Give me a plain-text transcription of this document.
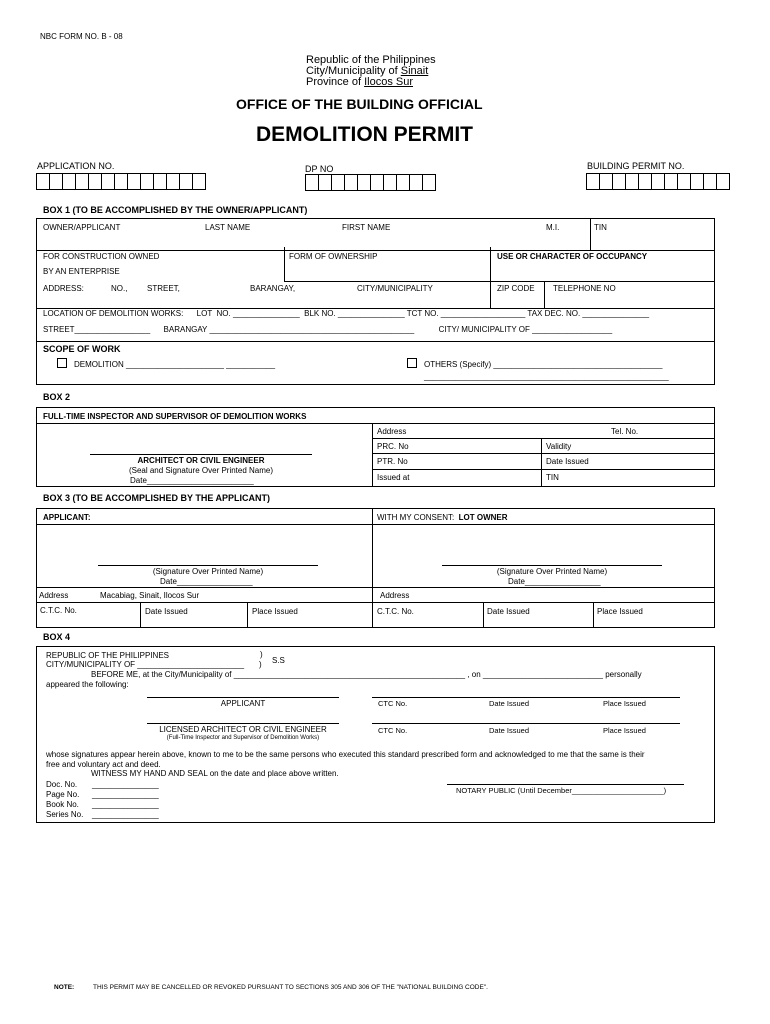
NBC FORM NO. B - 08
Republic of the Philippines
City/Municipality of Sinait
Province of Ilocos Sur
OFFICE OF THE BUILDING OFFICIAL
DEMOLITION PERMIT
APPLICATION NO.	DP NO	BUILDING PERMIT NO.
BOX 1 (TO BE ACCOMPLISHED BY THE OWNER/APPLICANT)
OWNER/APPLICANT	LAST NAME	FIRST NAME	M.I.	TIN
FOR CONSTRUCTION OWNED
BY AN ENTERPRISE
FORM OF OWNERSHIP	USE OR CHARACTER OF OCCUPANCY
ADDRESS:	NO., STREET,	BARANGAY,	CITY/MUNICIPALITY	ZIP CODE TELEPHONE NO
LOCATION OF DEMOLITION WORKS:      LOT  NO. _______________  BLK NO. _______________ TCT NO. ___________________ TAX DEC. NO. _______________
STREET_________________      BARANGAY ______________________________________________           CITY/ MUNICIPALITY OF __________________
SCOPE OF WORK
DEMOLITION ______________________ ___________	OTHERS (Specify) ______________________________________
_______________________________________________________
BOX 2
FULL-TIME INSPECTOR AND SUPERVISOR OF DEMOLITION WORKS
Address	Tel. No.
PRC. No	Validity
PTR. No	Date Issued
Issued at	TIN
ARCHITECT OR CIVIL ENGINEER
(Seal and Signature Over Printed Name)
Date________________________
BOX 3 (TO BE ACCOMPLISHED BY THE APPLICANT)
APPLICANT:	WITH MY CONSENT: LOT OWNER
(Signature Over Printed Name)
Date_________________
(Signature Over Printed Name)
Date_________________
Address	Macabiag, Sinait, Ilocos Sur	Address
C.T.C. No.	Date Issued	Place Issued	C.T.C. No.	Date Issued	Place Issued
BOX 4
REPUBLIC OF THE PHILIPPINES	)
CITY/MUNICIPALITY OF ________________________ ) S.S
BEFORE ME, at the City/Municipality of ____________________________________________________ , on ___________________________ personally
appeared the following:
APPLICANT	CTC No.	Date Issued	Place Issued
LICENSED ARCHITECT OR CIVIL ENGINEER
(Full-Time Inspector and Supervisor of Demolition Works)
CTC No.	Date Issued	Place Issued
whose signatures appear herein above, known to me to be the same persons who executed this standard prescribed form and acknowledged to me that the same is their
free and voluntary act and deed.
WITNESS MY HAND AND SEAL on the date and place above written.
Doc. No. _______________
Page No. _______________
Book No. _______________
Series No. _______________
NOTARY PUBLIC (Until December______________________)
NOTE:	THIS PERMIT MAY BE CANCELLED OR REVOKED PURSUANT TO SECTIONS 305 AND 306 OF THE "NATIONAL BUILDING CODE".
